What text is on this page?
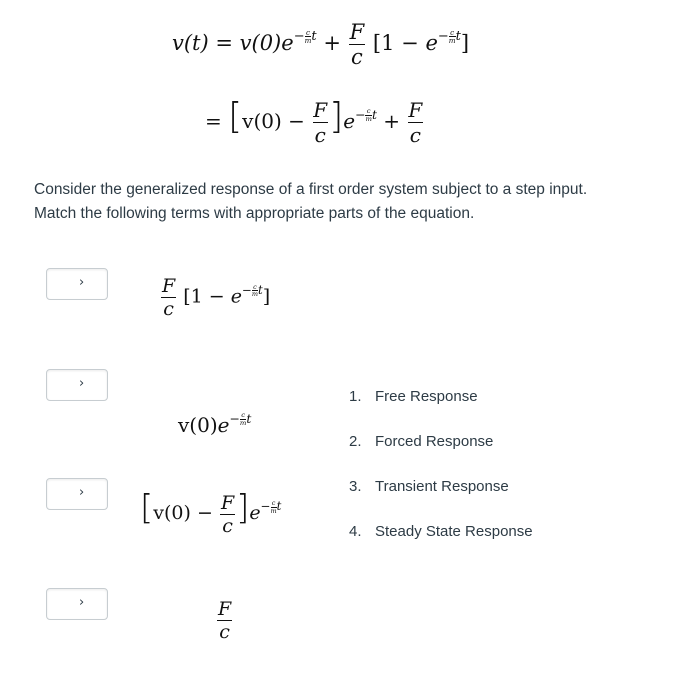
$v(t) = v(0)e^{- \frac{c}{m} t} + \frac{F}{c} [1 - e^{- \frac{c}{m} t}]$
= $[v(0) - \frac{F}{c} ]e^{- \frac{c}{m} t} + \frac{F}{c}$
Consider the generalized response of a first order system subject to a step input.
Match the following terms with appropriate parts of the equation.
›
›
›
›
$\frac{F}{c} [1 - e^{- \frac{c}{m} t}]$
$v(0)e^{- \frac{c}{m} t}$
$[v(0) - \frac{F}{c} ]e^{- \frac{c}{m} t}$
$\frac{F}{c}$
1. Free Response
2. Forced Response
3. Transient Response
4. Steady State Response
